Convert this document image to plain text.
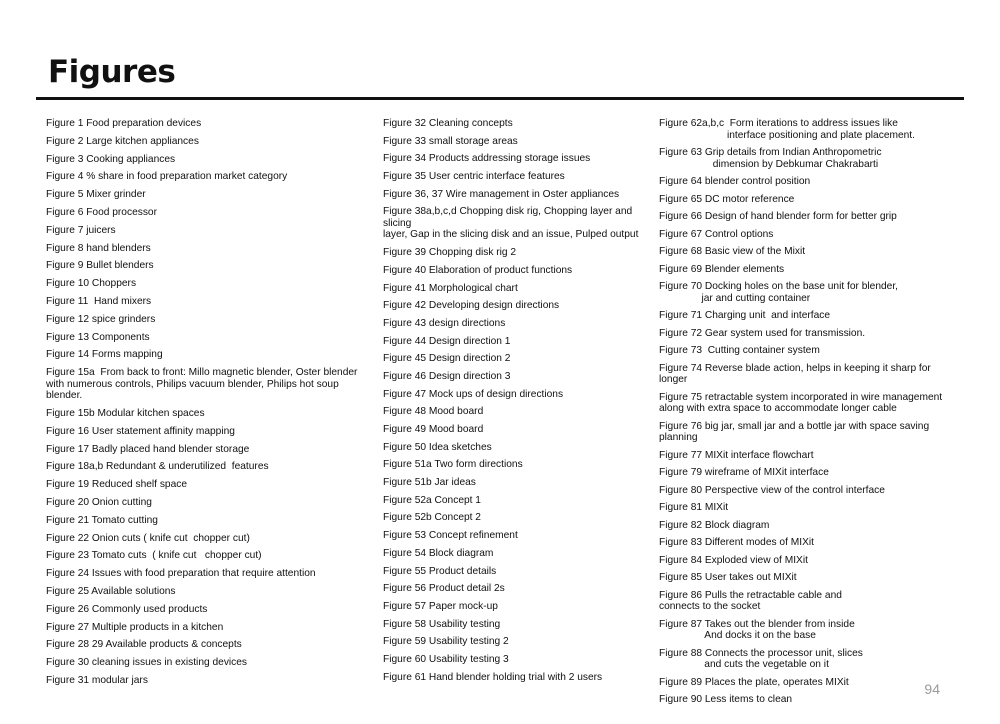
Figures
Figure 1 Food preparation devices
Figure 2 Large kitchen appliances
Figure 3 Cooking appliances
Figure 4 % share in food preparation market category
Figure 5 Mixer grinder
Figure 6 Food processor
Figure 7 juicers
Figure 8 hand blenders
Figure 9 Bullet blenders
Figure 10 Choppers
Figure 11  Hand mixers
Figure 12 spice grinders
Figure 13 Components
Figure 14 Forms mapping
Figure 15a  From back to front: Millo magnetic blender, Oster blender
with numerous controls, Philips vacuum blender, Philips hot soup blender.
Figure 15b Modular kitchen spaces
Figure 16 User statement affinity mapping
Figure 17 Badly placed hand blender storage
Figure 18a,b Redundant & underutilized  features
Figure 19 Reduced shelf space
Figure 20 Onion cutting
Figure 21 Tomato cutting
Figure 22 Onion cuts ( knife cut  chopper cut)
Figure 23 Tomato cuts  ( knife cut   chopper cut)
Figure 24 Issues with food preparation that require attention
Figure 25 Available solutions
Figure 26 Commonly used products
Figure 27 Multiple products in a kitchen
Figure 28 29 Available products & concepts
Figure 30 cleaning issues in existing devices
Figure 31 modular jars
Figure 32 Cleaning concepts
Figure 33 small storage areas
Figure 34 Products addressing storage issues
Figure 35 User centric interface features
Figure 36, 37 Wire management in Oster appliances
Figure 38a,b,c,d Chopping disk rig, Chopping layer and slicing
layer, Gap in the slicing disk and an issue, Pulped output
Figure 39 Chopping disk rig 2
Figure 40 Elaboration of product functions
Figure 41 Morphological chart
Figure 42 Developing design directions
Figure 43 design directions
Figure 44 Design direction 1
Figure 45 Design direction 2
Figure 46 Design direction 3
Figure 47 Mock ups of design directions
Figure 48 Mood board
Figure 49 Mood board
Figure 50 Idea sketches
Figure 51a Two form directions
Figure 51b Jar ideas
Figure 52a Concept 1
Figure 52b Concept 2
Figure 53 Concept refinement
Figure 54 Block diagram
Figure 55 Product details
Figure 56 Product detail 2s
Figure 57 Paper mock-up
Figure 58 Usability testing
Figure 59 Usability testing 2
Figure 60 Usability testing 3
Figure 61 Hand blender holding trial with 2 users
Figure 62a,b,c  Form iterations to address issues like
interface positioning and plate placement.
Figure 63 Grip details from Indian Anthropometric
dimension by Debkumar Chakrabarti
Figure 64 blender control position
Figure 65 DC motor reference
Figure 66 Design of hand blender form for better grip
Figure 67 Control options
Figure 68 Basic view of the Mixit
Figure 69 Blender elements
Figure 70 Docking holes on the base unit for blender,
jar and cutting container
Figure 71 Charging unit  and interface
Figure 72 Gear system used for transmission.
Figure 73  Cutting container system
Figure 74 Reverse blade action, helps in keeping it sharp for longer
Figure 75 retractable system incorporated in wire management
along with extra space to accommodate longer cable
Figure 76 big jar, small jar and a bottle jar with space saving
planning
Figure 77 MIXit interface flowchart
Figure 79 wireframe of MIXit interface
Figure 80 Perspective view of the control interface
Figure 81 MIXit
Figure 82 Block diagram
Figure 83 Different modes of MIXit
Figure 84 Exploded view of MIXit
Figure 85 User takes out MIXit
Figure 86 Pulls the retractable cable and
connects to the socket
Figure 87 Takes out the blender from inside
And docks it on the base
Figure 88 Connects the processor unit, slices
and cuts the vegetable on it
Figure 89 Places the plate, operates MIXit
Figure 90 Less items to clean
94
